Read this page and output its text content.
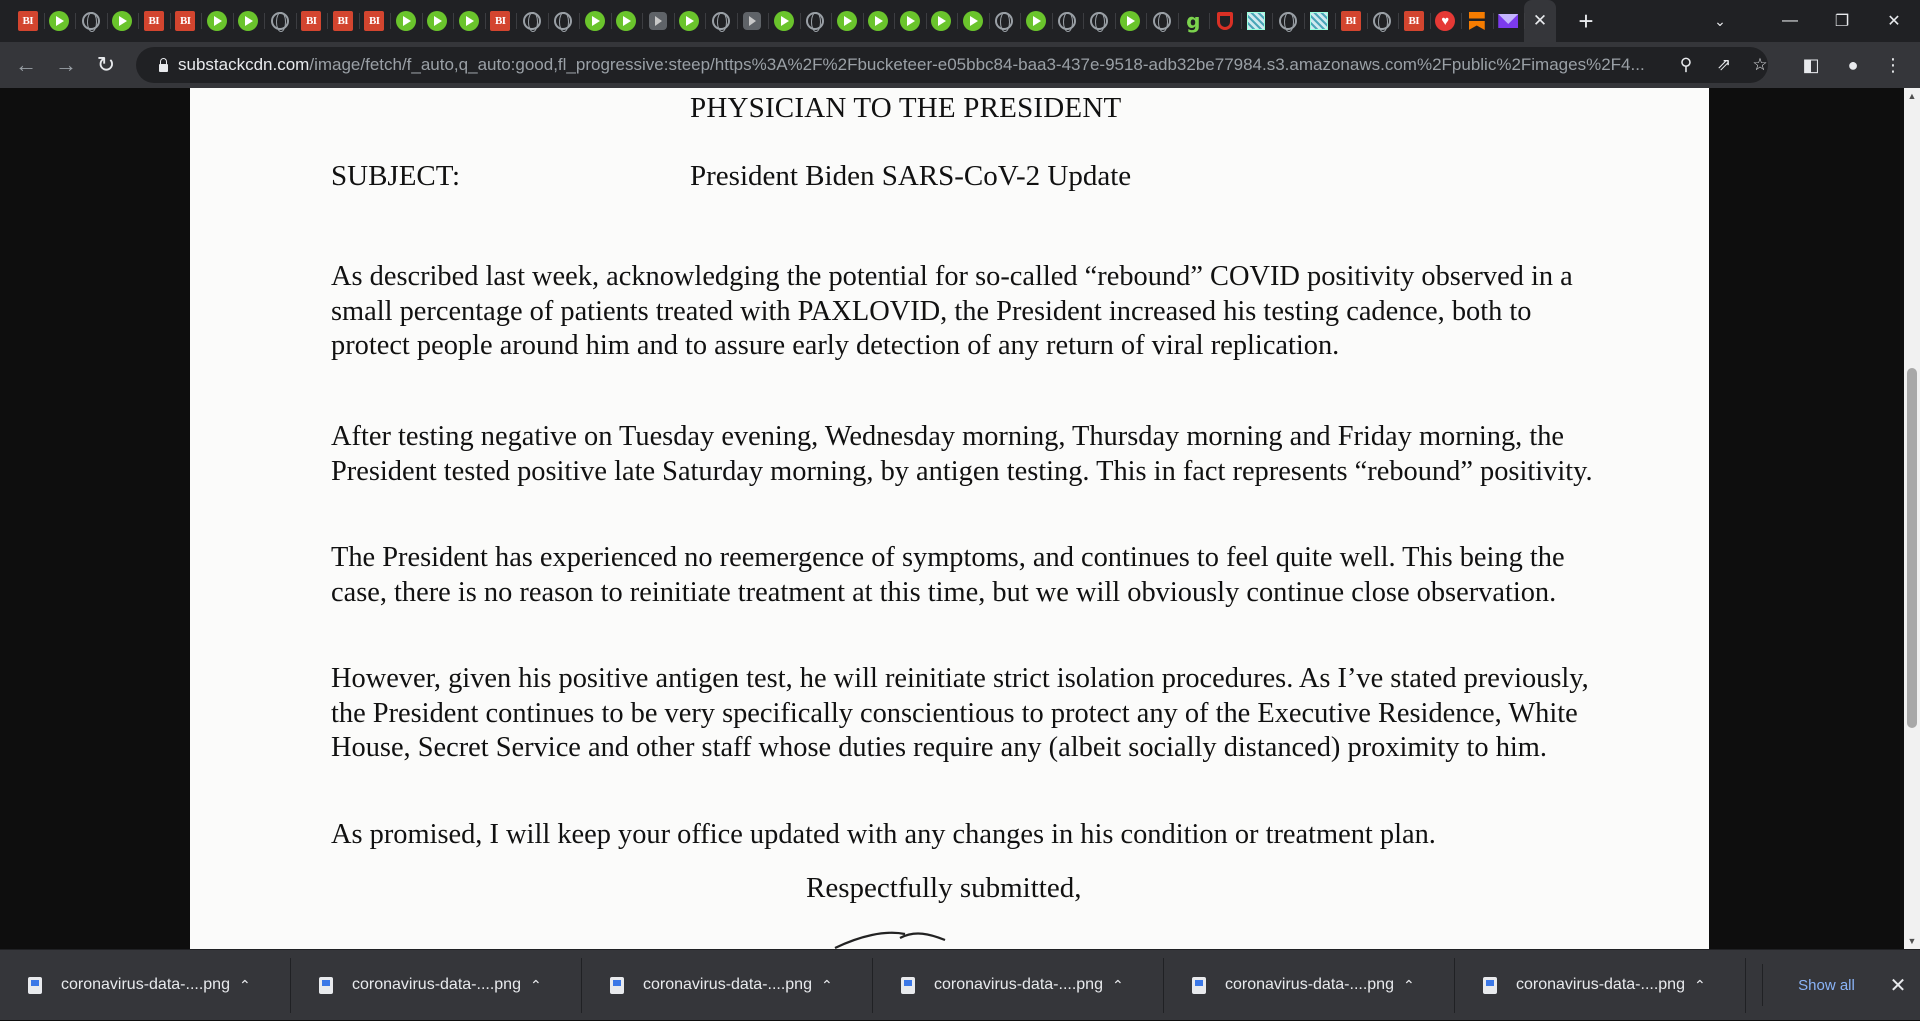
BI	BI	BI	BI	BI	BI	BI	g	BI	BI	♥	✕	+	⌄	—	❐	✕
← → ↻	substackcdn.com/image/fetch/f_auto,q_auto:good,fl_progressive:steep/https%3A%2F%2Fbucketeer-e05bbc84-baa3-437e-9518-adb32be77984.s3.amazonaws.com%2Fpublic%2Fimages%2F4...	⚲	⇗	☆	◧	●	⋮
PHYSICIAN TO THE PRESIDENT
SUBJECT:	President Biden SARS-CoV-2 Update
As described last week, acknowledging the potential for so-called “rebound” COVID positivity observed in a small percentage of patients treated with PAXLOVID, the President increased his testing cadence, both to protect people around him and to assure early detection of any return of viral replication.
After testing negative on Tuesday evening, Wednesday morning, Thursday morning and Friday morning, the President tested positive late Saturday morning, by antigen testing. This in fact represents “rebound” positivity.
The President has experienced no reemergence of symptoms, and continues to feel quite well. This being the case, there is no reason to reinitiate treatment at this time, but we will obviously continue close observation.
However, given his positive antigen test, he will reinitiate strict isolation procedures. As I’ve stated previously, the President continues to be very specifically conscientious to protect any of the Executive Residence, White House, Secret Service and other staff whose duties require any (albeit socially distanced) proximity to him.
As promised, I will keep your office updated with any changes in his condition or treatment plan.
Respectfully submitted,
▲
▼
coronavirus-data-....png ⌃	coronavirus-data-....png ⌃	coronavirus-data-....png ⌃	coronavirus-data-....png ⌃	coronavirus-data-....png ⌃	coronavirus-data-....png ⌃	Show all	✕
